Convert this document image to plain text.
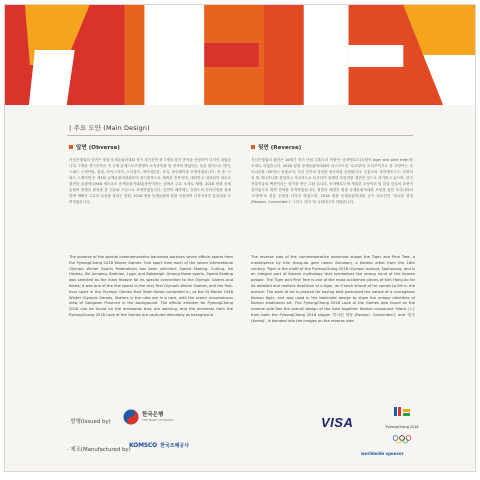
| 주요 도안 (Main Design)
앞면 (Obverse)
기념은행권의 앞면은 평창 동계올림픽대회 정식 경기종목 중 7개의 경기 종목을 선정하여 디자인 하였습니다. 7개의 경기종목은 각 국제 동계스포츠연맹이 소속종목을 한 종목씩 받았다는 것을 원칙으로 하여, 스피드 스케이팅, 컬링, 아이스하키, 스키점프, 바이애슬론, 루지, 봅슬레이를 선정하였습니다. 이 중 '스피드 스케이팅'은 제1회 동계올림픽대회부터 정식종목으로 채택된 종목이며, 대한민국 대표팀이 최초로 출전한 올림픽(1948 생모리츠 동계올림픽대회)종목이라는 점에서 주요 소재로 채택, 2018 평창 동계올림픽 경쟁을 완성을 한 선수와 모습으로 표현하였습니다. 앞면의 배경에는 강원도의 산악지형을 섬세하게 재해석 고유의 특성을 살리는 한편, 2018 평창 동계올림픽 휘장 적용하여 디자인적인 통일성을 부여하였습니다.
뒷면 (Reverse)
기념은행권의 뒷면은 18세기 후기 단원 김홍도의 작품인 '송하맹호도(호랑이 tiger and pine tree)'를 소재로 하였습니다. 2018 평창 동계올림픽대회의 마스코트인 '수호랑'의 모티브이기도 한 호랑이는 우리나라를 대표하는 동물로서, 우리 민족의 강인한 정신력을 상징합니다. 김홍도의 '송하맹호도'는 호랑이의 털 하나하나를 정밀하고 사실적으로 묘사하여 물체한 호랑이를 재현한 것으로 평가받고 있으며, 한국 전통미술의 백중이라는 평가를 받는 그림 입니다. 송하맹호도에 세밀한 호랑이의 털 한올 한올의 표현이 살아있도록 화면 전체를 부여하였습니다. 뒷면의 배경은 평창 동계올림픽대회 모양을 통한 우리나라의 '오방색'과 전통 문양을 디자인 하였으며, 2018 평창 동계올림픽대회 공식 슬로건인 '하나된 열정(Passion. Connected.)' 그리고 '한국'을 나타내고자 하였습니다.
The obverse of the special commemorative banknote portrays seven official sports from the PyeongChang 2018 Winter Games. One sport from each of the seven International Olympic Winter Sports Federations has been selected: Speed Skating, Curling, Ice Hockey, Ski Jumping, Biathlon, Luge, and Bobsleigh. Among these sports, Speed Skating was selected as the main feature for its special connection to the Olympic Games and Korea; it was one of the few sports in the very first Olympic Winter Games, and the first-ever sport in the Olympic Games that Team Korea competed in, at the St Moritz 1948 Winter Olympic Games. Skaters in the note are in a race, with the scenic mountainous view of Gangwon Province in the background. The official emblem for PyeongChang 2018 can be found on the armbands they are wearing, and the elements from the PyeongChang 2018 Look of the Games are captured delicately as background.
The reverse side of the commemorative banknote shows the Tiger and Pine Tree, a masterpiece by Kim Hong-do (pen name: Danwon), a Korean artist from the 18th century. Tiger is the motif of the PyeongChang 2018 Olympic mascot, Soohorang, and is an integral part of Korean mythology that symbolises the strong mind of the Korean people. The Tiger and Pine Tree is one of the most acclaimed pieces of Kim Hong-do for its detailed and realistic depiction of a tiger, as if each strand of fur comes to life in the picture. The work of art is praised for having best portrayed the nature of a courageous Korean tiger, and was used in the banknote design to show the unique identities of Korean traditional art. The PyeongChang 2018 Look of the Games also found on the reverse side ties the overall design of the note together. Korean consonant 'Hieut (ㅎ)' from both the PyeongChang 2018 slogan '하나된 열정 (Passion. Connected.)' and '한국 (Korea)', is blended into the images on the reverse side.
· 발행(Issued by)
· 제조(Manufactured by)
한국은행
THE BANK OF KOREA
KOMSCO 한국조폐공사
VISA
worldwide sponsor
PyeongChang 2018
